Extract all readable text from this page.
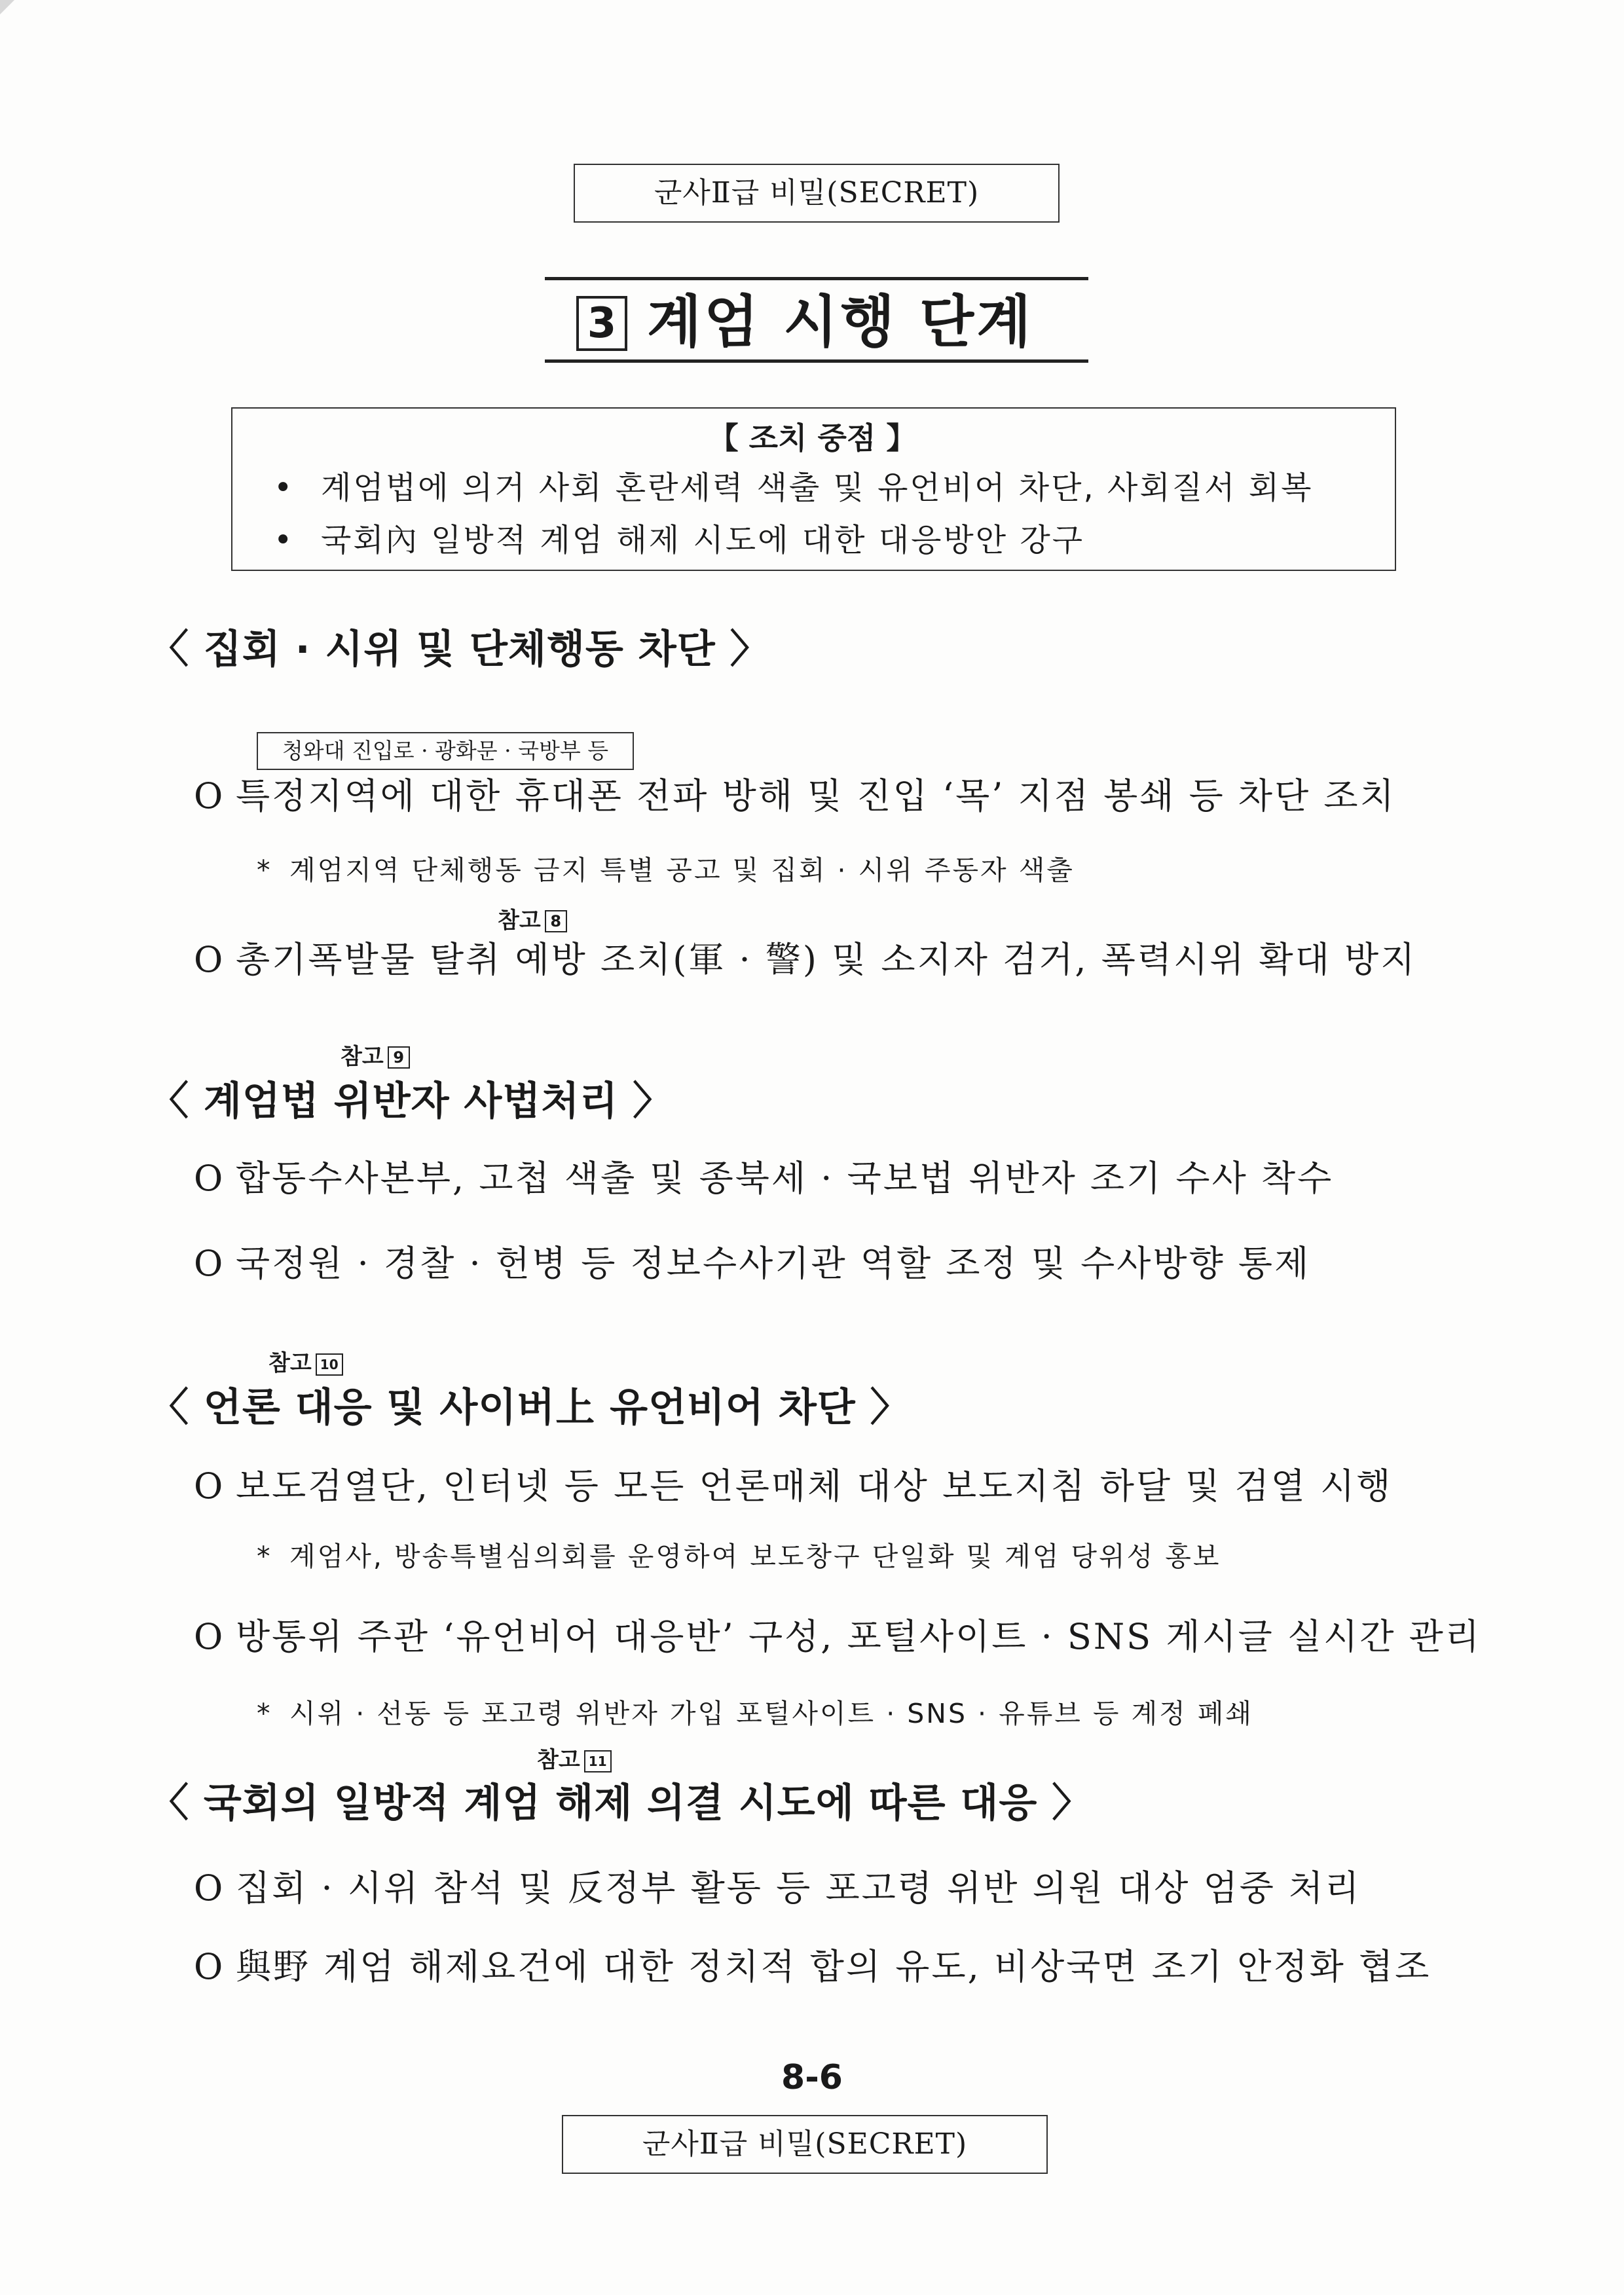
군사Ⅱ급 비밀(SECRET)
3 계엄 시행 단계
【 조치 중점 】
• 계엄법에 의거 사회 혼란세력 색출 및 유언비어 차단, 사회질서 회복
• 국회內 일방적 계엄 해제 시도에 대한 대응방안 강구
〈 집회 · 시위 및 단체행동 차단 〉
청와대 진입로 · 광화문 · 국방부 등
O 특정지역에 대한 휴대폰 전파 방해 및 진입 ‘목’ 지점 봉쇄 등 차단 조치
* 계엄지역 단체행동 금지 특별 공고 및 집회 · 시위 주동자 색출
참고 8
O 총기폭발물 탈취 예방 조치(軍 · 警) 및 소지자 검거, 폭력시위 확대 방지
참고 9
〈 계엄법 위반자 사법처리 〉
O 합동수사본부, 고첩 색출 및 종북세 · 국보법 위반자 조기 수사 착수
O 국정원 · 경찰 · 헌병 등 정보수사기관 역할 조정 및 수사방향 통제
참고 10
〈 언론 대응 및 사이버上 유언비어 차단 〉
O 보도검열단, 인터넷 등 모든 언론매체 대상 보도지침 하달 및 검열 시행
* 계엄사, 방송특별심의회를 운영하여 보도창구 단일화 및 계엄 당위성 홍보
O 방통위 주관 ‘유언비어 대응반’ 구성, 포털사이트 · SNS 게시글 실시간 관리
* 시위 · 선동 등 포고령 위반자 가입 포털사이트 · SNS · 유튜브 등 계정 폐쇄
참고 11
〈 국회의 일방적 계엄 해제 의결 시도에 따른 대응 〉
O 집회 · 시위 참석 및 反정부 활동 등 포고령 위반 의원 대상 엄중 처리
O 與野 계엄 해제요건에 대한 정치적 합의 유도, 비상국면 조기 안정화 협조
8-6
군사Ⅱ급 비밀(SECRET)
